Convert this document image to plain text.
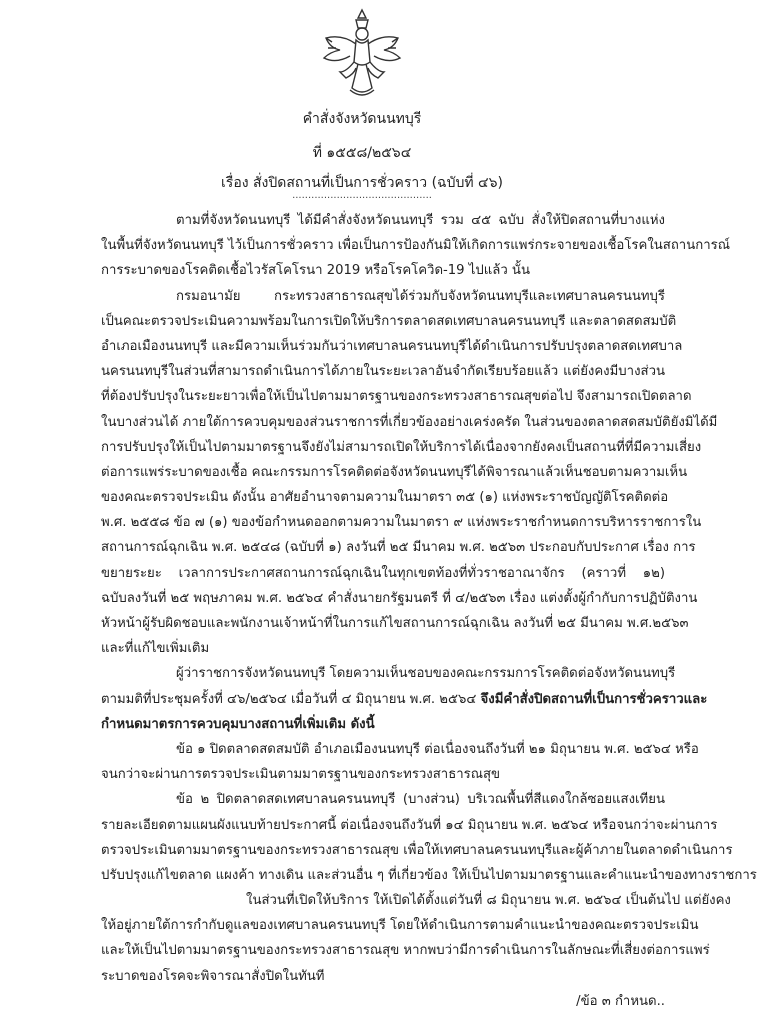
คำสั่งจังหวัดนนทบุรี
ที่ ๑๕๕๘/๒๕๖๔
เรื่อง สั่งปิดสถานที่เป็นการชั่วคราว (ฉบับที่ ๔๖)
............................................
ตามที่จังหวัดนนทบุรี ได้มีคำสั่งจังหวัดนนทบุรี รวม ๔๕ ฉบับ สั่งให้ปิดสถานที่บางแห่ง
ในพื้นที่จังหวัดนนทบุรี ไว้เป็นการชั่วคราว เพื่อเป็นการป้องกันมิให้เกิดการแพร่กระจายของเชื้อโรคในสถานการณ์
การระบาดของโรคติดเชื้อไวรัสโคโรนา 2019 หรือโรคโควิด-19 ไปแล้ว นั้น
กรมอนามัย กระทรวงสาธารณสุขได้ร่วมกับจังหวัดนนทบุรีและเทศบาลนครนนทบุรี
เป็นคณะตรวจประเมินความพร้อมในการเปิดให้บริการตลาดสดเทศบาลนครนนทบุรี และตลาดสดสมบัติ
อำเภอเมืองนนทบุรี และมีความเห็นร่วมกันว่าเทศบาลนครนนทบุรีได้ดำเนินการปรับปรุงตลาดสดเทศบาล
นครนนทบุรีในส่วนที่สามารถดำเนินการได้ภายในระยะเวลาอันจำกัดเรียบร้อยแล้ว แต่ยังคงมีบางส่วน
ที่ต้องปรับปรุงในระยะยาวเพื่อให้เป็นไปตามมาตรฐานของกระทรวงสาธารณสุขต่อไป จึงสามารถเปิดตลาด
ในบางส่วนได้ ภายใต้การควบคุมของส่วนราชการที่เกี่ยวข้องอย่างเคร่งครัด ในส่วนของตลาดสดสมบัติยังมิได้มี
การปรับปรุงให้เป็นไปตามมาตรฐานจึงยังไม่สามารถเปิดให้บริการได้เนื่องจากยังคงเป็นสถานที่ที่มีความเสี่ยง
ต่อการแพร่ระบาดของเชื้อ คณะกรรมการโรคติดต่อจังหวัดนนทบุรีได้พิจารณาแล้วเห็นชอบตามความเห็น
ของคณะตรวจประเมิน ดังนั้น อาศัยอำนาจตามความในมาตรา ๓๕ (๑) แห่งพระราชบัญญัติโรคติดต่อ
พ.ศ. ๒๕๕๘ ข้อ ๗ (๑) ของข้อกำหนดออกตามความในมาตรา ๙ แห่งพระราชกำหนดการบริหารราชการใน
สถานการณ์ฉุกเฉิน พ.ศ. ๒๕๔๘ (ฉบับที่ ๑) ลงวันที่ ๒๕ มีนาคม พ.ศ. ๒๕๖๓ ประกอบกับประกาศ เรื่อง การ
ขยายระยะ เวลาการประกาศสถานการณ์ฉุกเฉินในทุกเขตท้องที่ทั่วราชอาณาจักร (คราวที่ ๑๒)
ฉบับลงวันที่ ๒๕ พฤษภาคม พ.ศ. ๒๕๖๔ คำสั่งนายกรัฐมนตรี ที่ ๔/๒๕๖๓ เรื่อง แต่งตั้งผู้กำกับการปฏิบัติงาน
หัวหน้าผู้รับผิดชอบและพนักงานเจ้าหน้าที่ในการแก้ไขสถานการณ์ฉุกเฉิน ลงวันที่ ๒๕ มีนาคม พ.ศ.๒๕๖๓
และที่แก้ไขเพิ่มเติม
ผู้ว่าราชการจังหวัดนนทบุรี โดยความเห็นชอบของคณะกรรมการโรคติดต่อจังหวัดนนทบุรี
ตามมติที่ประชุมครั้งที่ ๔๖/๒๕๖๔ เมื่อวันที่ ๔ มิถุนายน พ.ศ. ๒๕๖๔ จึงมีคำสั่งปิดสถานที่เป็นการชั่วคราวและ
กำหนดมาตรการควบคุมบางสถานที่เพิ่มเติม ดังนี้
ข้อ ๑ ปิดตลาดสดสมบัติ อำเภอเมืองนนทบุรี ต่อเนื่องจนถึงวันที่ ๒๑ มิถุนายน พ.ศ. ๒๕๖๔ หรือ
จนกว่าจะผ่านการตรวจประเมินตามมาตรฐานของกระทรวงสาธารณสุข
ข้อ ๒ ปิดตลาดสดเทศบาลนครนนทบุรี (บางส่วน) บริเวณพื้นที่สีแดงใกล้ซอยแสงเทียน
รายละเอียดตามแผนผังแนบท้ายประกาศนี้ ต่อเนื่องจนถึงวันที่ ๑๔ มิถุนายน พ.ศ. ๒๕๖๔ หรือจนกว่าจะผ่านการ
ตรวจประเมินตามมาตรฐานของกระทรวงสาธารณสุข เพื่อให้เทศบาลนครนนทบุรีและผู้ค้าภายในตลาดดำเนินการ
ปรับปรุงแก้ไขตลาด แผงค้า ทางเดิน และส่วนอื่น ๆ ที่เกี่ยวข้อง ให้เป็นไปตามมาตรฐานและคำแนะนำของทางราชการ
ในส่วนที่เปิดให้บริการ ให้เปิดได้ตั้งแต่วันที่ ๘ มิถุนายน พ.ศ. ๒๕๖๔ เป็นต้นไป แต่ยังคง
ให้อยู่ภายใต้การกำกับดูแลของเทศบาลนครนนทบุรี โดยให้ดำเนินการตามคำแนะนำของคณะตรวจประเมิน
และให้เป็นไปตามมาตรฐานของกระทรวงสาธารณสุข หากพบว่ามีการดำเนินการในลักษณะที่เสี่ยงต่อการแพร่
ระบาดของโรคจะพิจารณาสั่งปิดในทันที
/ข้อ ๓ กำหนด..
